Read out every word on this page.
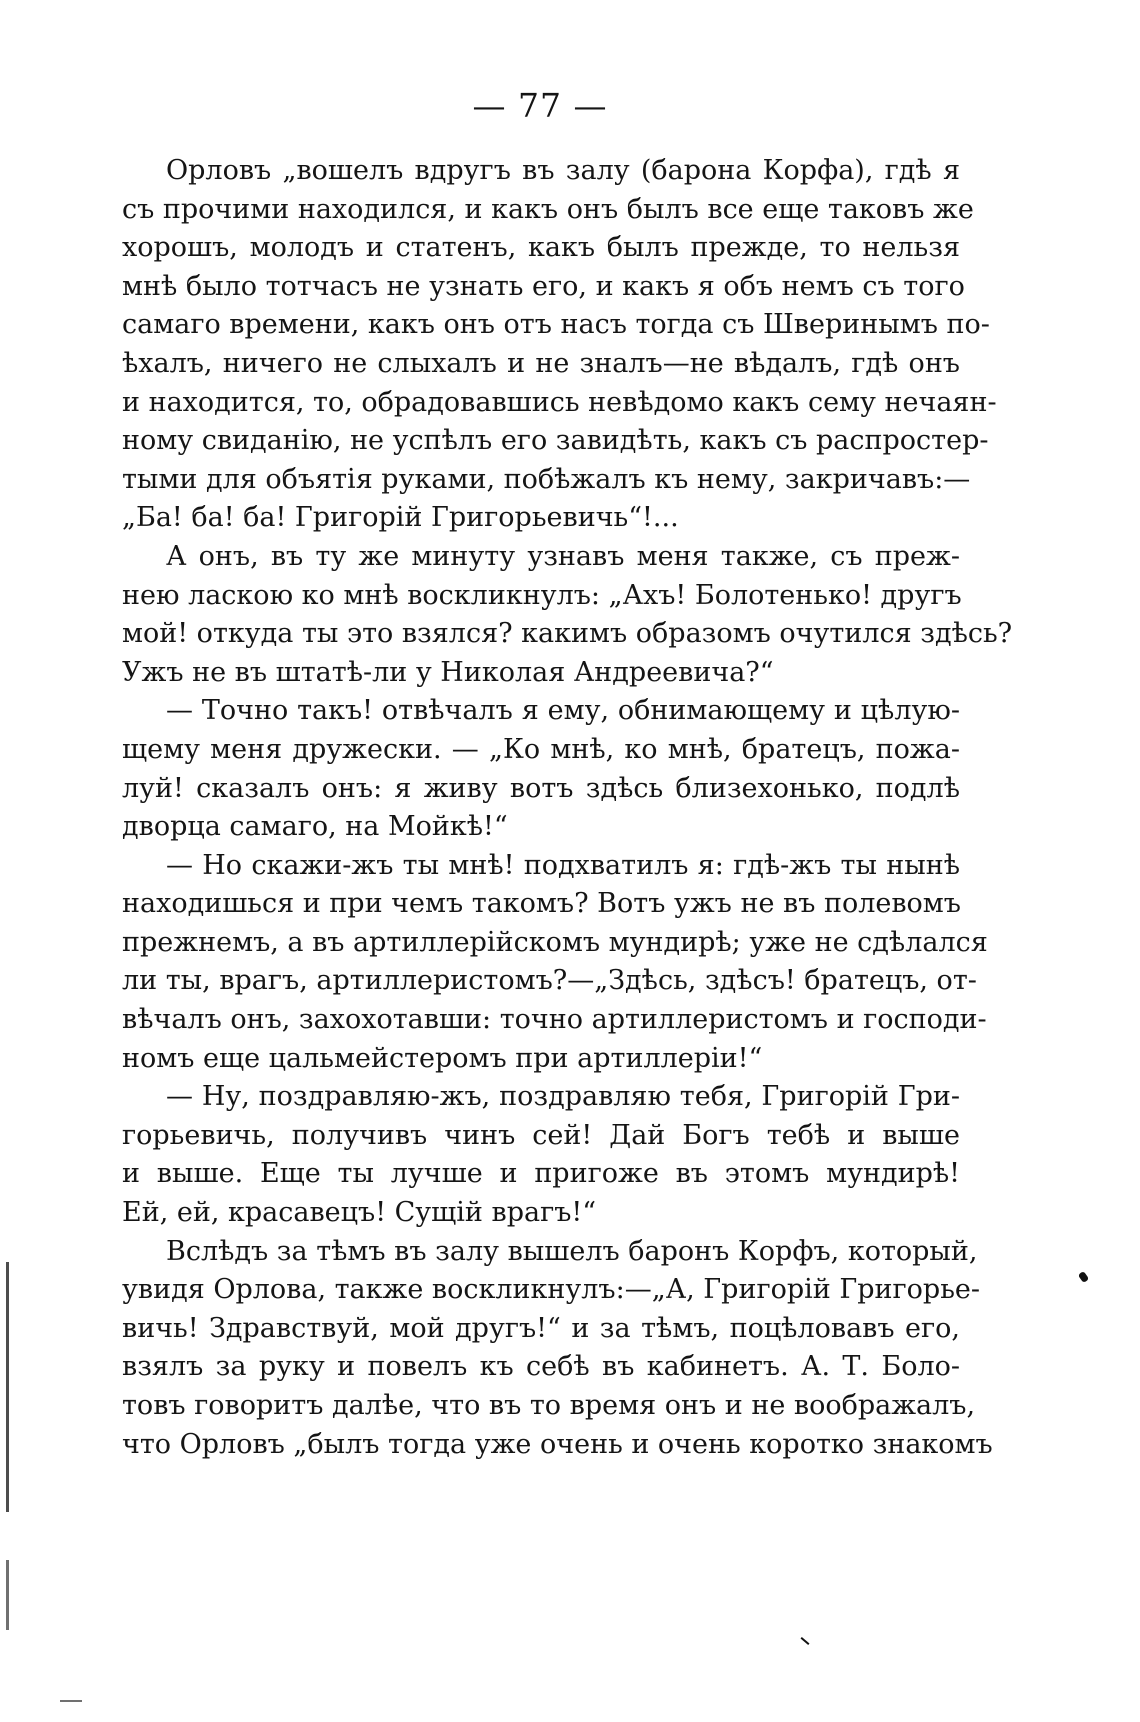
— 77 —
Орловъ „вошелъ вдругъ въ залу (барона Корфа), гдѣ я
съ прочими находился, и какъ онъ былъ все еще таковъ же
хорошъ, молодъ и статенъ, какъ былъ прежде, то нельзя
мнѣ было тотчасъ не узнать его, и какъ я объ немъ съ того
самаго времени, какъ онъ отъ насъ тогда съ Шверинымъ по-
ѣхалъ, ничего не слыхалъ и не зналъ—не вѣдалъ, гдѣ онъ
и находится, то, обрадовавшись невѣдомо какъ сему нечаян-
ному свиданію, не успѣлъ его завидѣть, какъ съ распростер-
тыми для объятія руками, побѣжалъ къ нему, закричавъ:—
„Ба! ба! ба! Григорій Григорьевичь“!...
А онъ, въ ту же минуту узнавъ меня также, съ преж-
нею ласкою ко мнѣ воскликнулъ: „Ахъ! Болотенько! другъ
мой! откуда ты это взялся? какимъ образомъ очутился здѣсь?
Ужъ не въ штатѣ-ли у Николая Андреевича?“
— Точно такъ! отвѣчалъ я ему, обнимающему и цѣлую-
щему меня дружески. — „Ко мнѣ, ко мнѣ, братецъ, пожа-
луй! сказалъ онъ: я живу вотъ здѣсь близехонько, подлѣ
дворца самаго, на Мойкѣ!“
— Но скажи-жъ ты мнѣ! подхватилъ я: гдѣ-жъ ты нынѣ
находишься и при чемъ такомъ? Вотъ ужъ не въ полевомъ
прежнемъ, а въ артиллерійскомъ мундирѣ; уже не сдѣлался
ли ты, врагъ, артиллеристомъ?—„Здѣсь, здѣсъ! братецъ, от-
вѣчалъ онъ, захохотавши: точно артиллеристомъ и господи-
номъ еще цальмейстеромъ при артиллеріи!“
— Ну, поздравляю-жъ, поздравляю тебя, Григорій Гри-
горьевичь, получивъ чинъ сей! Дай Богъ тебѣ и выше
и выше. Еще ты лучше и пригоже въ этомъ мундирѣ!
Ей, ей, красавецъ! Сущій врагъ!“
Вслѣдъ за тѣмъ въ залу вышелъ баронъ Корфъ, который,
увидя Орлова, также воскликнулъ:—„А, Григорій Григорье-
вичь! Здравствуй, мой другъ!“ и за тѣмъ, поцѣловавъ его,
взялъ за руку и повелъ къ себѣ въ кабинетъ. А. Т. Боло-
товъ говоритъ далѣе, что въ то время онъ и не воображалъ,
что Орловъ „былъ тогда уже очень и очень коротко знакомъ
